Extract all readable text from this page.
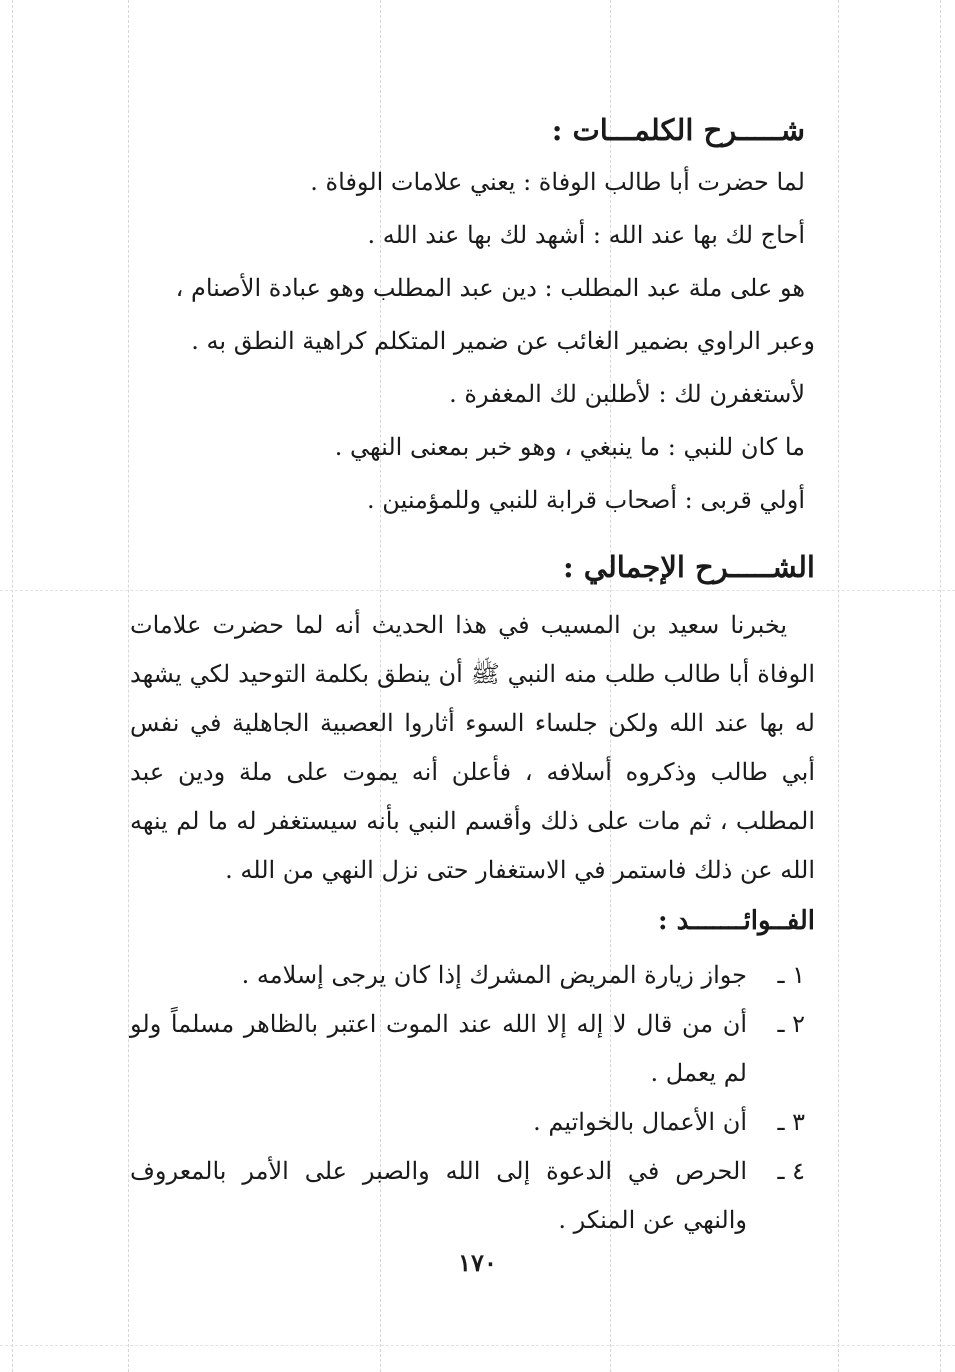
شـــــرح الكلمـــات :
لما حضرت أبا طالب الوفاة : يعني علامات الوفاة .
أحاج لك بها عند الله : أشهد لك بها عند الله .
هو على ملة عبد المطلب : دين عبد المطلب وهو عبادة الأصنام ،
وعبر الراوي بضمير الغائب عن ضمير المتكلم كراهية النطق به .
لأستغفرن لك : لأطلبن لك المغفرة .
ما كان للنبي : ما ينبغي ، وهو خبر بمعنى النهي .
أولي قربى : أصحاب قرابة للنبي وللمؤمنين .
الشـــــرح الإجمالي :
يخبرنا سعيد بن المسيب في هذا الحديث أنه لما حضرت علامات الوفاة أبا طالب طلب منه النبي ﷺ أن ينطق بكلمة التوحيد لكي يشهد له بها عند الله ولكن جلساء السوء أثاروا العصبية الجاهلية في نفس أبي طالب وذكروه أسلافه ، فأعلن أنه يموت على ملة ودين عبد المطلب ، ثم مات على ذلك وأقسم النبي بأنه سيستغفر له ما لم ينهه الله عن ذلك فاستمر في الاستغفار حتى نزل النهي من الله .
الفــوائـــــــد :
١ ـ
جواز زيارة المريض المشرك إذا كان يرجى إسلامه .
٢ ـ
أن من قال لا إله إلا الله عند الموت اعتبر بالظاهر مسلماً ولو لم يعمل .
٣ ـ
أن الأعمال بالخواتيم .
٤ ـ
الحرص في الدعوة إلى الله والصبر على الأمر بالمعروف والنهي عن المنكر .
١٧٠
